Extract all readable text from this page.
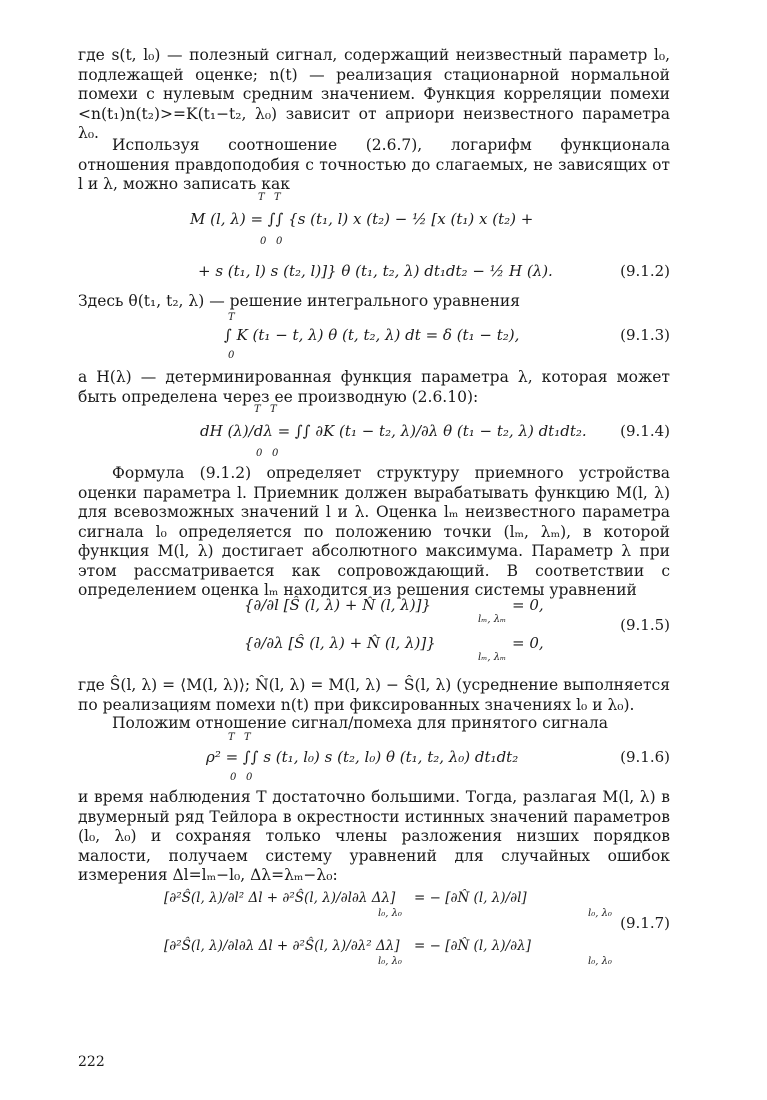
где s(t, l₀) — полезный сигнал, содержащий неизвестный параметр l₀, подлежащей оценке; n(t) — реализация стационарной нормальной помехи с нулевым средним значением. Функция корреляции помехи <n(t₁)n(t₂)>=K(t₁−t₂, λ₀) зависит от априори неизвестного параметра λ₀.

Используя соотношение (2.6.7), логарифм функционала отношения правдоподобия с точностью до слагаемых, не зависящих от l и λ, можно записать как

T T
M (l, λ) = ∫∫ {s (t₁, l) x (t₂) − ½ [x (t₁) x (t₂) +
0 0
+ s (t₁, l) s (t₂, l)]} θ (t₁, t₂, λ) dt₁dt₂ − ½ H (λ).	(9.1.2)

Здесь θ(t₁, t₂, λ) — решение интегрального уравнения

T
∫ K (t₁ − t, λ) θ (t, t₂, λ) dt = δ (t₁ − t₂),	(9.1.3)
0

а H(λ) — детерминированная функция параметра λ, которая может быть определена через ее производную (2.6.10):

T T
dH (λ)/dλ = ∫∫ ∂K (t₁ − t₂, λ)/∂λ θ (t₁ − t₂, λ) dt₁dt₂. (9.1.4)
0 0

Формула (9.1.2) определяет структуру приемного устройства оценки параметра l. Приемник должен вырабатывать функцию M(l, λ) для всевозможных значений l и λ. Оценка lₘ неизвестного параметра сигнала l₀ определяется по положению точки (lₘ, λₘ), в которой функция M(l, λ) достигает абсолютного максимума. Параметр λ при этом рассматривается как сопровождающий. В соответствии с определением оценка lₘ находится из решения системы уравнений

{∂/∂l [Ŝ (l, λ) + N̂ (l, λ)]}
lₘ, λₘ
= 0,
(9.1.5)
{∂/∂λ [Ŝ (l, λ) + N̂ (l, λ)]}
lₘ, λₘ
= 0,

где Ŝ(l, λ) = ⟨M(l, λ)⟩; N̂(l, λ) = M(l, λ) − Ŝ(l, λ) (усреднение выполняется по реализациям помехи n(t) при фиксированных значениях l₀ и λ₀).

Положим отношение сигнал/помеха для принятого сигнала

T T
ρ² = ∫∫ s (t₁, l₀) s (t₂, l₀) θ (t₁, t₂, λ₀) dt₁dt₂	(9.1.6)
0 0

и время наблюдения T достаточно большими. Тогда, разлагая M(l, λ) в двумерный ряд Тейлора в окрестности истинных значений параметров (l₀, λ₀) и сохраняя только члены разложения низших порядков малости, получаем систему уравнений для случайных ошибок измерения Δl=lₘ−l₀, Δλ=λₘ−λ₀:

[∂²Ŝ(l, λ)/∂l² Δl + ∂²Ŝ(l, λ)/∂l∂λ Δλ]
l₀, λ₀
= − [∂N̂ (l, λ)/∂l]
l₀, λ₀
(9.1.7)
[∂²Ŝ(l, λ)/∂l∂λ Δl + ∂²Ŝ(l, λ)/∂λ² Δλ]
l₀, λ₀
= − [∂N̂ (l, λ)/∂λ]
l₀, λ₀
222
